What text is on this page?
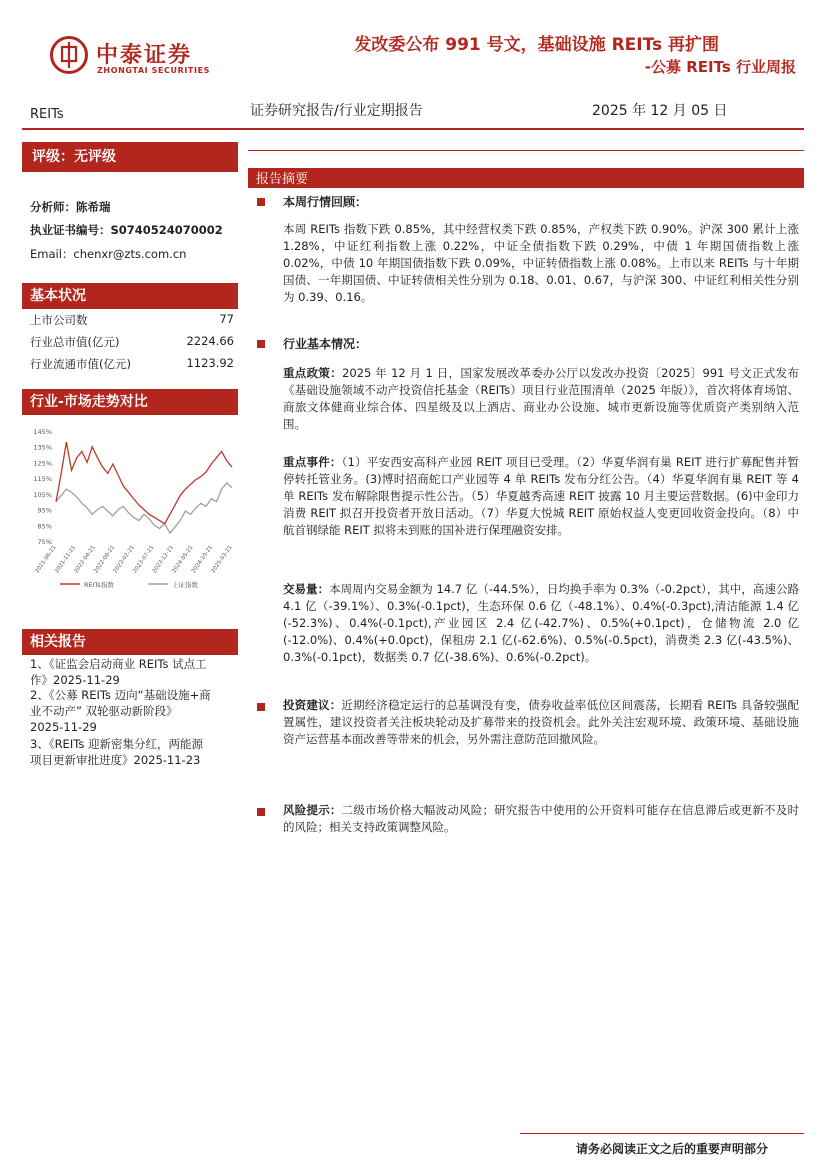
中泰证券
ZHONGTAI SECURITIES
发改委公布 991 号文，基础设施 REITs 再扩围
-公募 REITs 行业周报
REITs	证券研究报告/行业定期报告	2025 年 12 月 05 日
评级：无评级
分析师：陈希瑞
执业证书编号：S0740524070002
Email：chenxr@zts.com.cn
基本状况
上市公司数	77
行业总市值(亿元)	2224.66
行业流通市值(亿元)	1123.92
行业-市场走势对比
145%
135%
125%
115%
105%
95%
85%
75%
2021-06-21
2021-11-21
2022-04-21
2022-09-21
2023-02-21
2023-07-21
2023-12-21
2024-05-21
2024-10-21
2025-03-21
REITs指数	上证指数
相关报告
1、《证监会启动商业 REITs 试点工
作》2025-11-29
2、《公募 REITs 迈向“基础设施+商
业不动产” 双轮驱动新阶段》
2025-11-29
3、《REITs 迎新密集分红，两能源
项目更新审批进度》2025-11-23
报告摘要
本周行情回顾：
本周 REITs 指数下跌 0.85%，其中经营权类下跌 0.85%，产权类下跌 0.90%。沪深 300 累计上涨 1.28%，中证红利指数上涨 0.22%，中证全债指数下跌 0.29%，中债 1 年期国债指数上涨 0.02%，中债 10 年期国债指数下跌 0.09%，中证转债指数上涨 0.08%。上市以来 REITs 与十年期国债、一年期国债、中证转债相关性分别为 0.18、0.01、0.67，与沪深 300、中证红利相关性分别为 0.39、0.16。
行业基本情况：
重点政策：2025 年 12 月 1 日，国家发展改革委办公厅以发改办投资〔2025〕991 号文正式发布《基础设施领域不动产投资信托基金（REITs）项目行业范围清单（2025 年版）》，首次将体育场馆、商旅文体健商业综合体、四星级及以上酒店、商业办公设施、城市更新设施等优质资产类别纳入范围。
重点事件：（1）平安西安高科产业园 REIT 项目已受理。（2）华夏华润有巢 REIT 进行扩募配售并暂停转托管业务。(3)博时招商蛇口产业园等 4 单 REITs 发布分红公告。（4）华夏华润有巢 REIT 等 4 单 REITs 发布解除限售提示性公告。（5）华夏越秀高速 REIT 披露 10 月主要运营数据。(6)中金印力消费 REIT 拟召开投资者开放日活动。（7）华夏大悦城 REIT 原始权益人变更回收资金投向。（8）中航首钢绿能 REIT 拟将未到账的国补进行保理融资安排。
交易量：本周周内交易金额为 14.7 亿（-44.5%），日均换手率为 0.3%（-0.2pct），其中，高速公路 4.1 亿（-39.1%）、0.3%(-0.1pct)，生态环保 0.6 亿（-48.1%）、0.4%(-0.3pct),清洁能源 1.4 亿(-52.3%)、0.4%(-0.1pct),产业园区 2.4 亿(-42.7%)、0.5%(+0.1pct)，仓储物流 2.0 亿(-12.0%)、0.4%(+0.0pct)，保租房 2.1 亿(-62.6%)、0.5%(-0.5pct)，消费类 2.3 亿(-43.5%)、0.3%(-0.1pct)，数据类 0.7 亿(-38.6%)、0.6%(-0.2pct)。
投资建议：近期经济稳定运行的总基调没有变，债券收益率低位区间震荡，长期看 REITs 具备较强配置属性，建议投资者关注板块轮动及扩募带来的投资机会。此外关注宏观环境、政策环境、基础设施资产运营基本面改善等带来的机会，另外需注意防范回撤风险。
风险提示：二级市场价格大幅波动风险；研究报告中使用的公开资料可能存在信息滞后或更新不及时的风险；相关支持政策调整风险。
请务必阅读正文之后的重要声明部分
